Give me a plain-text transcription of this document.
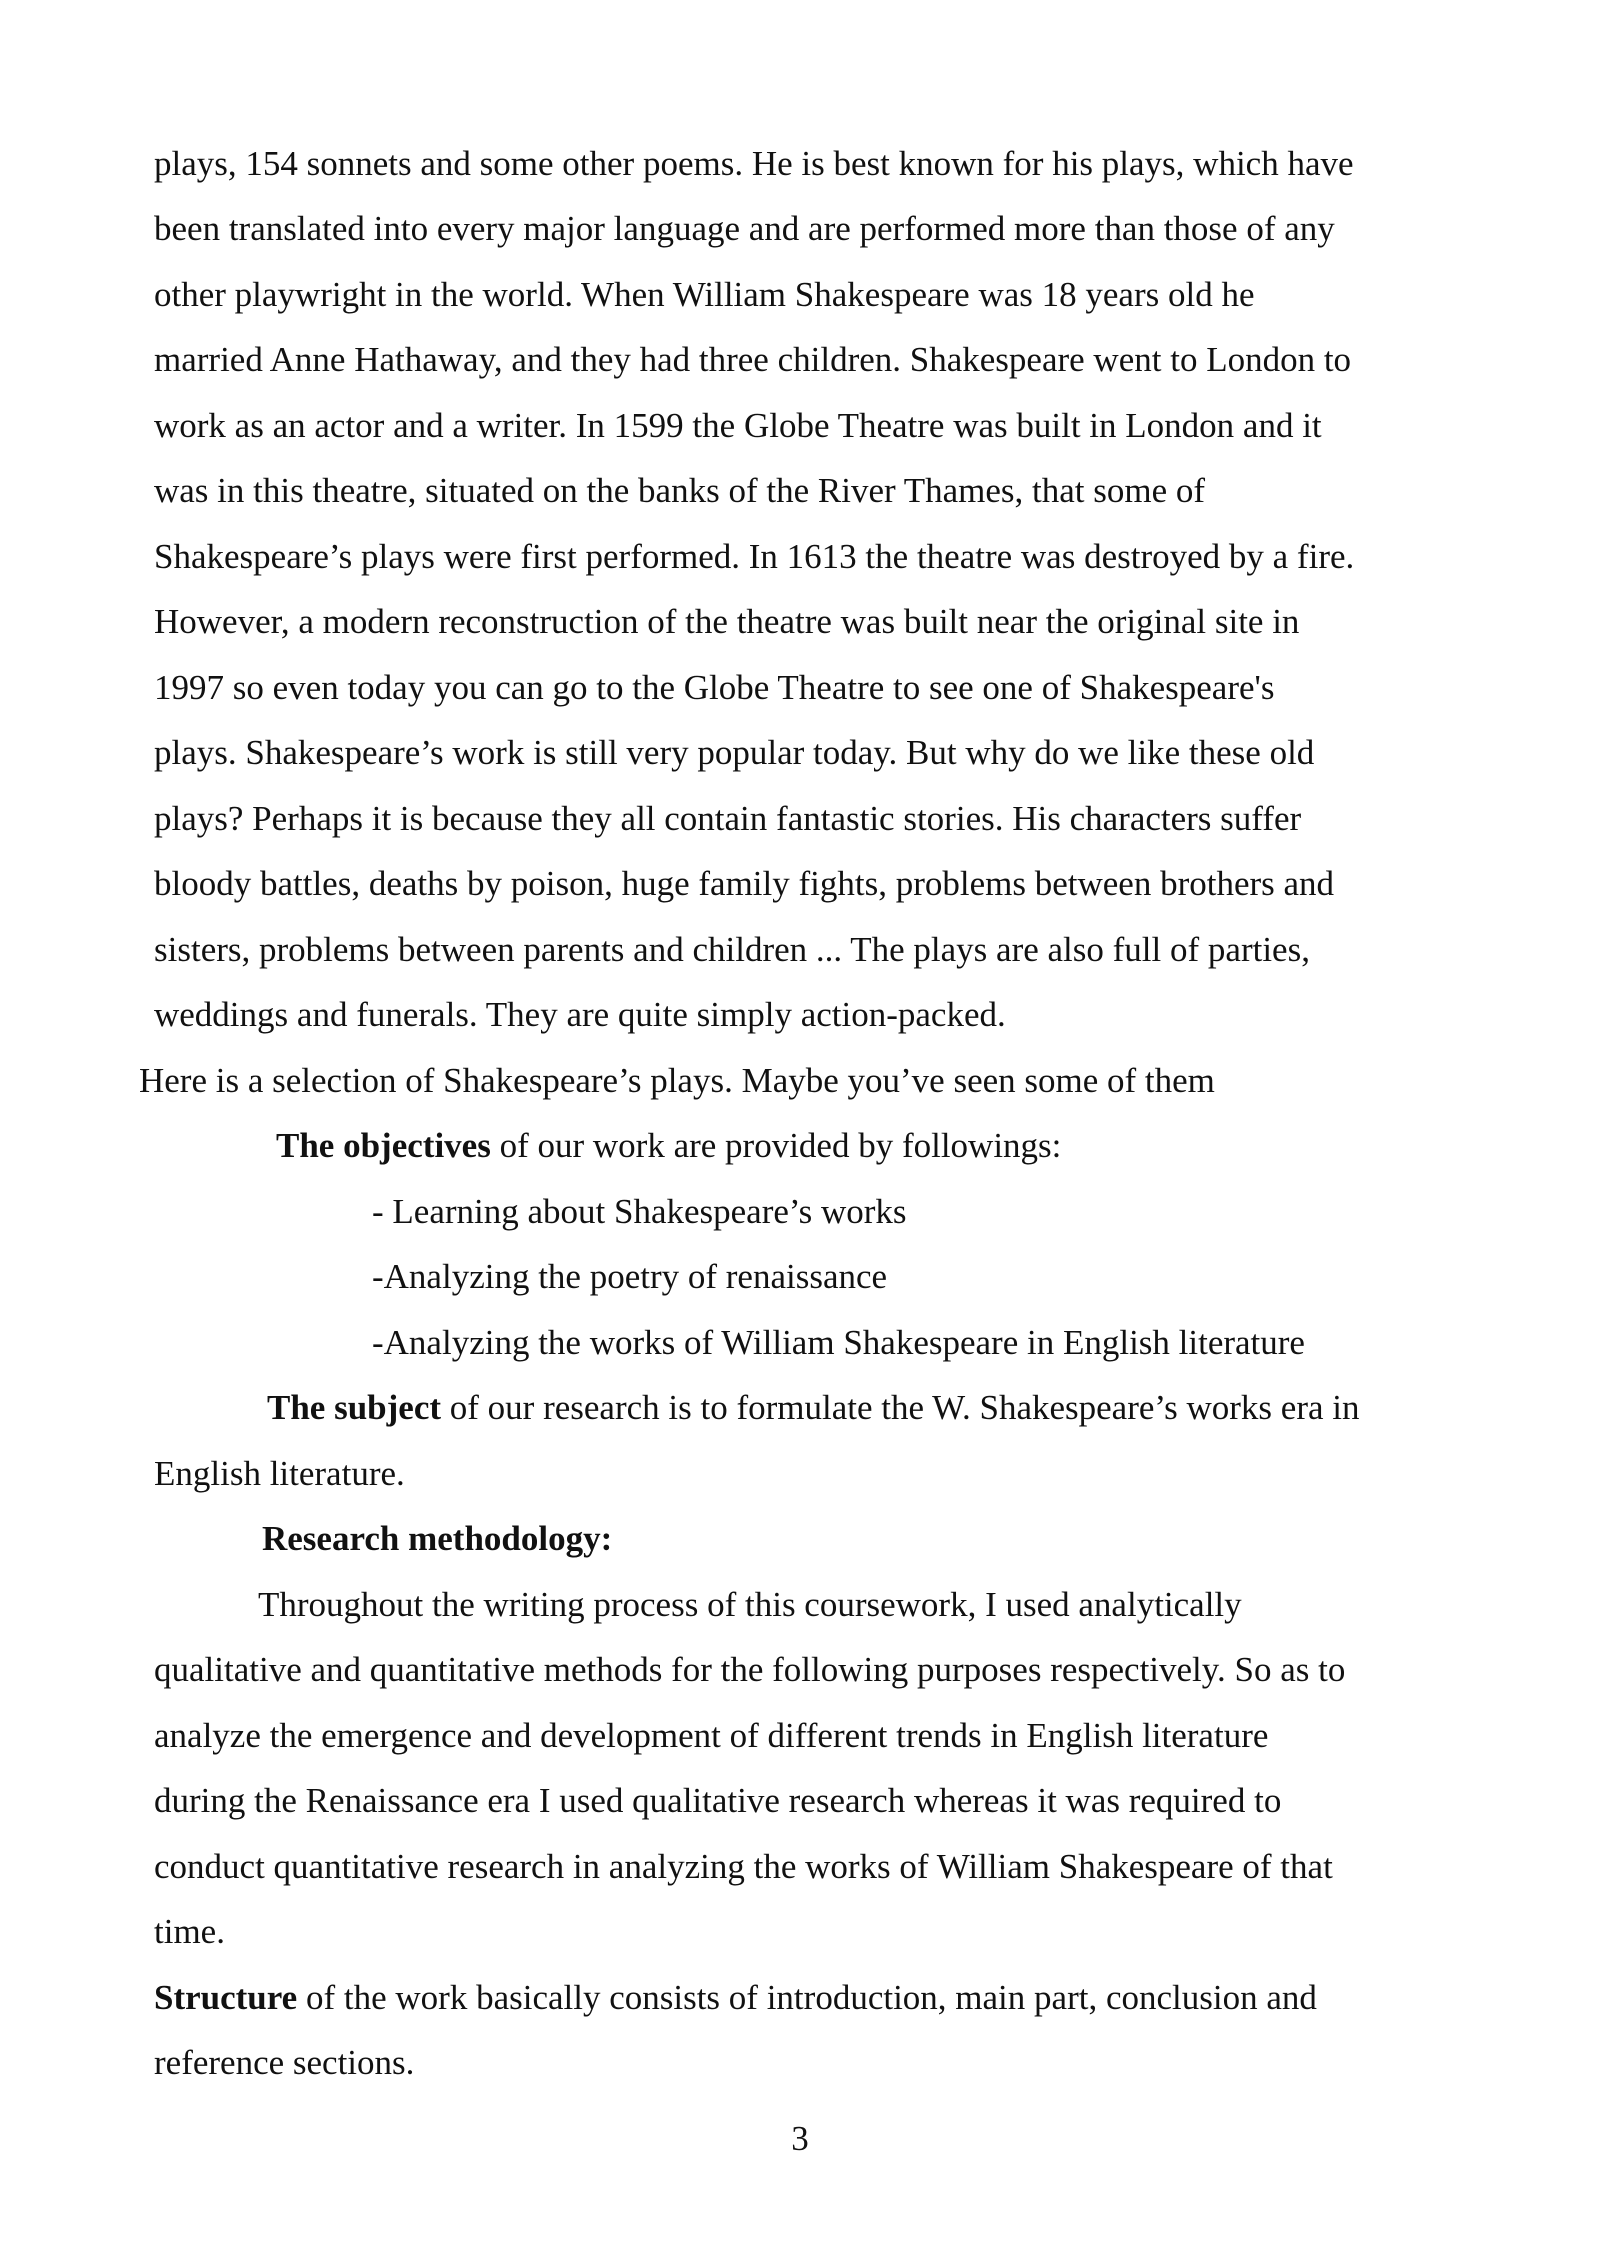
plays, 154 sonnets and some other poems. He is best known for his plays, which have

been translated into every major language and are performed more than those of any

other playwright in the world. When William Shakespeare was 18 years old he

married Anne Hathaway, and they had three children. Shakespeare went to London to

work as an actor and a writer. In 1599 the Globe Theatre was built in London and it

was in this theatre, situated on the banks of the River Thames, that some of

Shakespeare’s plays were first performed. In 1613 the theatre was destroyed by a fire.

However, a modern reconstruction of the theatre was built near the original site in

1997 so even today you can go to the Globe Theatre to see one of Shakespeare's

plays. Shakespeare’s work is still very popular today. But why do we like these old

plays? Perhaps it is because they all contain fantastic stories. His characters suffer

bloody battles, deaths by poison, huge family fights, problems between brothers and

sisters, problems between parents and children ... The plays are also full of parties,

weddings and funerals. They are quite simply action-packed.

Here is a selection of Shakespeare’s plays. Maybe you’ve seen some of them

The objectives of our work are provided by followings:

- Learning about Shakespeare’s works

-Analyzing the poetry of renaissance

-Analyzing the works of William Shakespeare in English literature

The subject of our research is to formulate the W. Shakespeare’s works era in

English literature.

Research methodology:

Throughout the writing process of this coursework, I used analytically

qualitative and quantitative methods for the following purposes respectively. So as to

analyze the emergence and development of different trends in English literature

during the Renaissance era I used qualitative research whereas it was required to

conduct quantitative research in analyzing the works of William Shakespeare of that

time.

Structure of the work basically consists of introduction, main part, conclusion and

reference sections.

3
